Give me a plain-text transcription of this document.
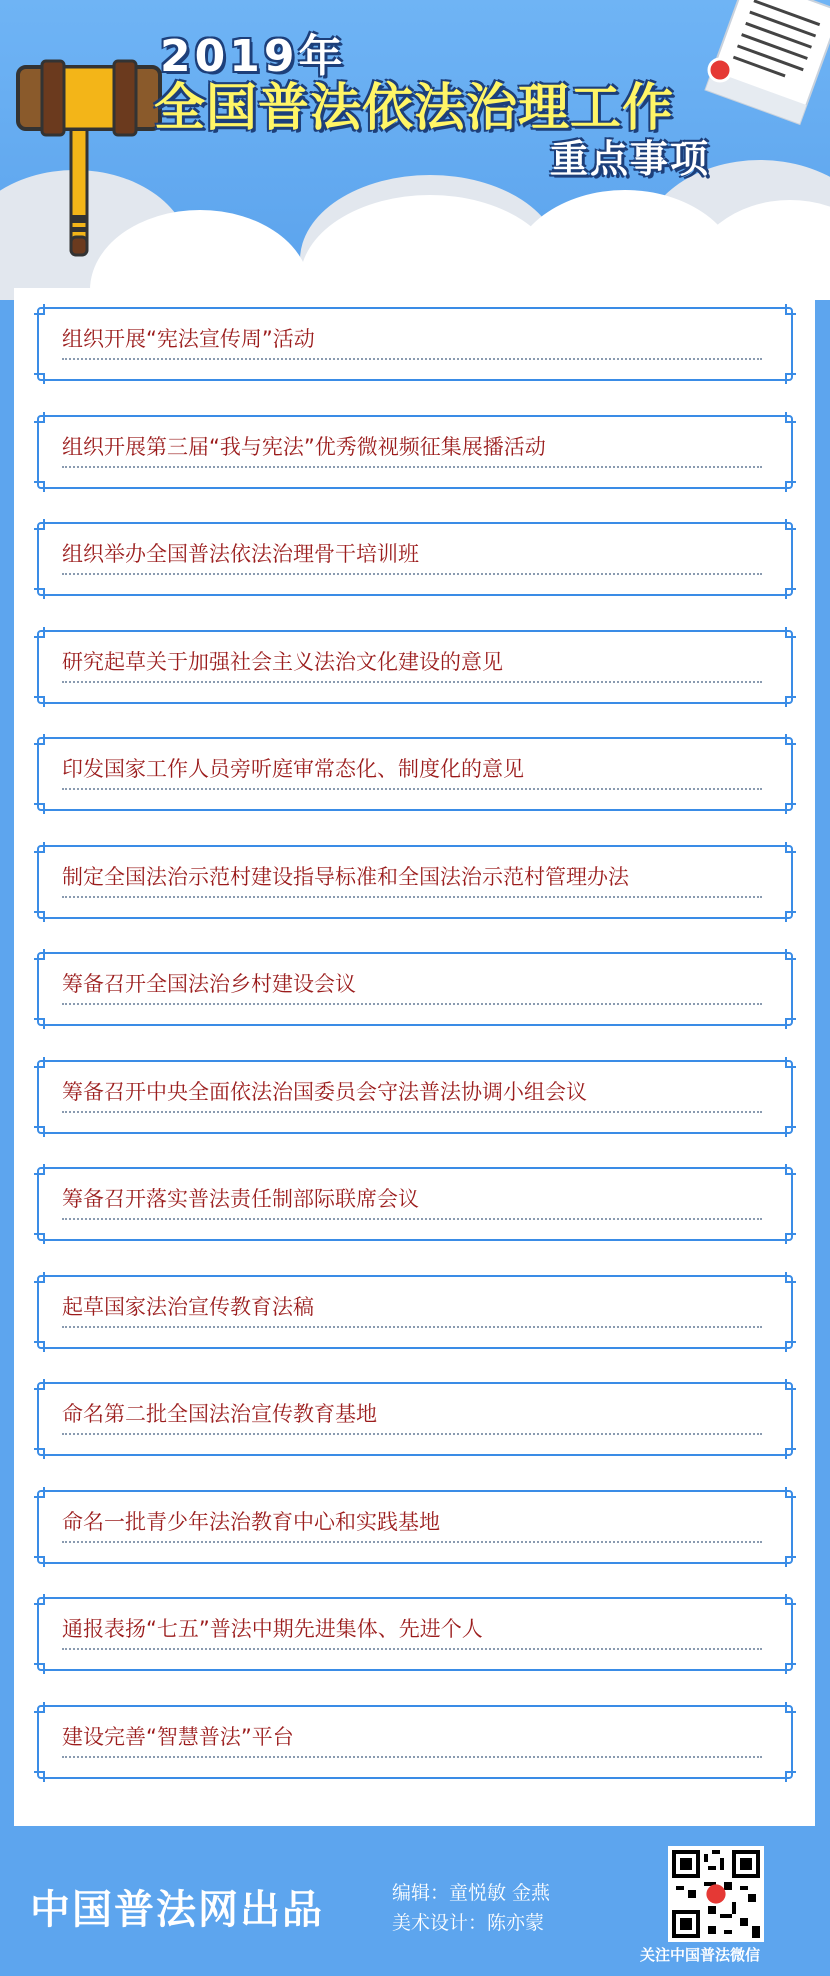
2019年
全国普法依法治理工作
重点事项
组织开展“宪法宣传周”活动
组织开展第三届“我与宪法”优秀微视频征集展播活动
组织举办全国普法依法治理骨干培训班
研究起草关于加强社会主义法治文化建设的意见
印发国家工作人员旁听庭审常态化、制度化的意见
制定全国法治示范村建设指导标准和全国法治示范村管理办法
筹备召开全国法治乡村建设会议
筹备召开中央全面依法治国委员会守法普法协调小组会议
筹备召开落实普法责任制部际联席会议
起草国家法治宣传教育法稿
命名第二批全国法治宣传教育基地
命名一批青少年法治教育中心和实践基地
通报表扬“七五”普法中期先进集体、先进个人
建设完善“智慧普法”平台
中国普法网出品	编辑：童悦敏 金燕
美术设计：陈亦蒙
关注中国普法微信
